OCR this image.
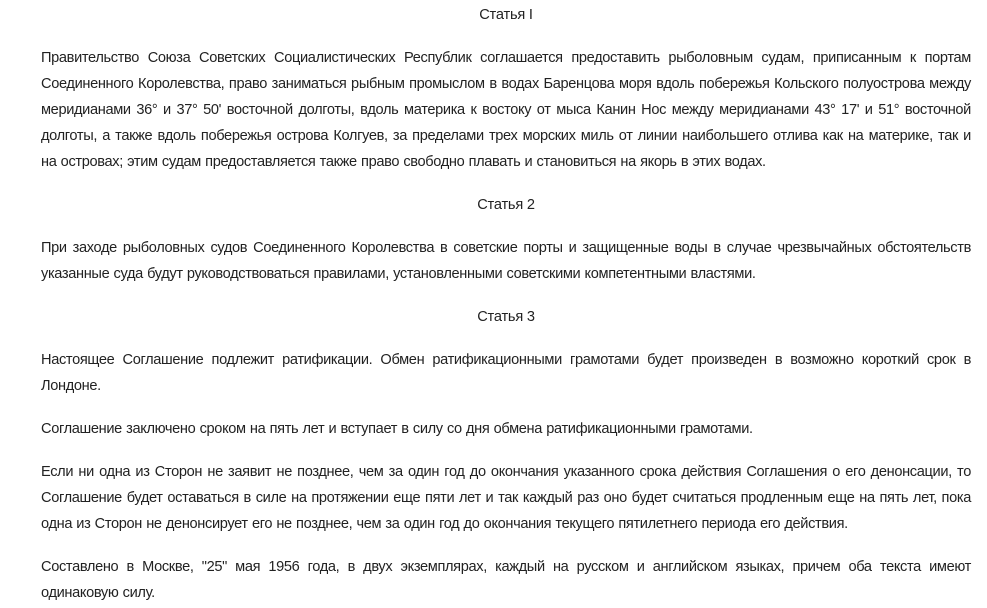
Статья I

Правительство Союза Советских Социалистических Республик соглашается предоставить рыболовным судам, приписанным к портам Соединенного Королевства, право заниматься рыбным промыслом в водах Баренцова моря вдоль побережья Кольского полуострова между меридианами 36° и 37° 50' восточной долготы, вдоль материка к востоку от мыса Канин Нос между меридианами 43° 17' и 51° восточной долготы, а также вдоль побережья острова Колгуев, за пределами трех морских миль от линии наибольшего отлива как на материке, так и на островах; этим судам предоставляется также право свободно плавать и становиться на якорь в этих водах.

Статья 2

При заходе рыболовных судов Соединенного Королевства в советские порты и защищенные воды в случае чрезвычайных обстоятельств указанные суда будут руководствоваться правилами, установленными советскими компетентными властями.

Статья 3

Настоящее Соглашение подлежит ратификации. Обмен ратификационными грамотами будет произведен в возможно короткий срок в Лондоне.

Соглашение заключено сроком на пять лет и вступает в силу со дня обмена ратификационными грамотами.

Если ни одна из Сторон не заявит не позднее, чем за один год до окончания указанного срока действия Соглашения о его денонсации, то Соглашение будет оставаться в силе на протяжении еще пяти лет и так каждый раз оно будет считаться продленным еще на пять лет, пока одна из Сторон не денонсирует его не позднее, чем за один год до окончания текущего пятилетнего периода его действия.

Составлено в Москве, "25" мая 1956 года, в двух экземплярах, каждый на русском и английском языках, причем оба текста имеют одинаковую силу.
